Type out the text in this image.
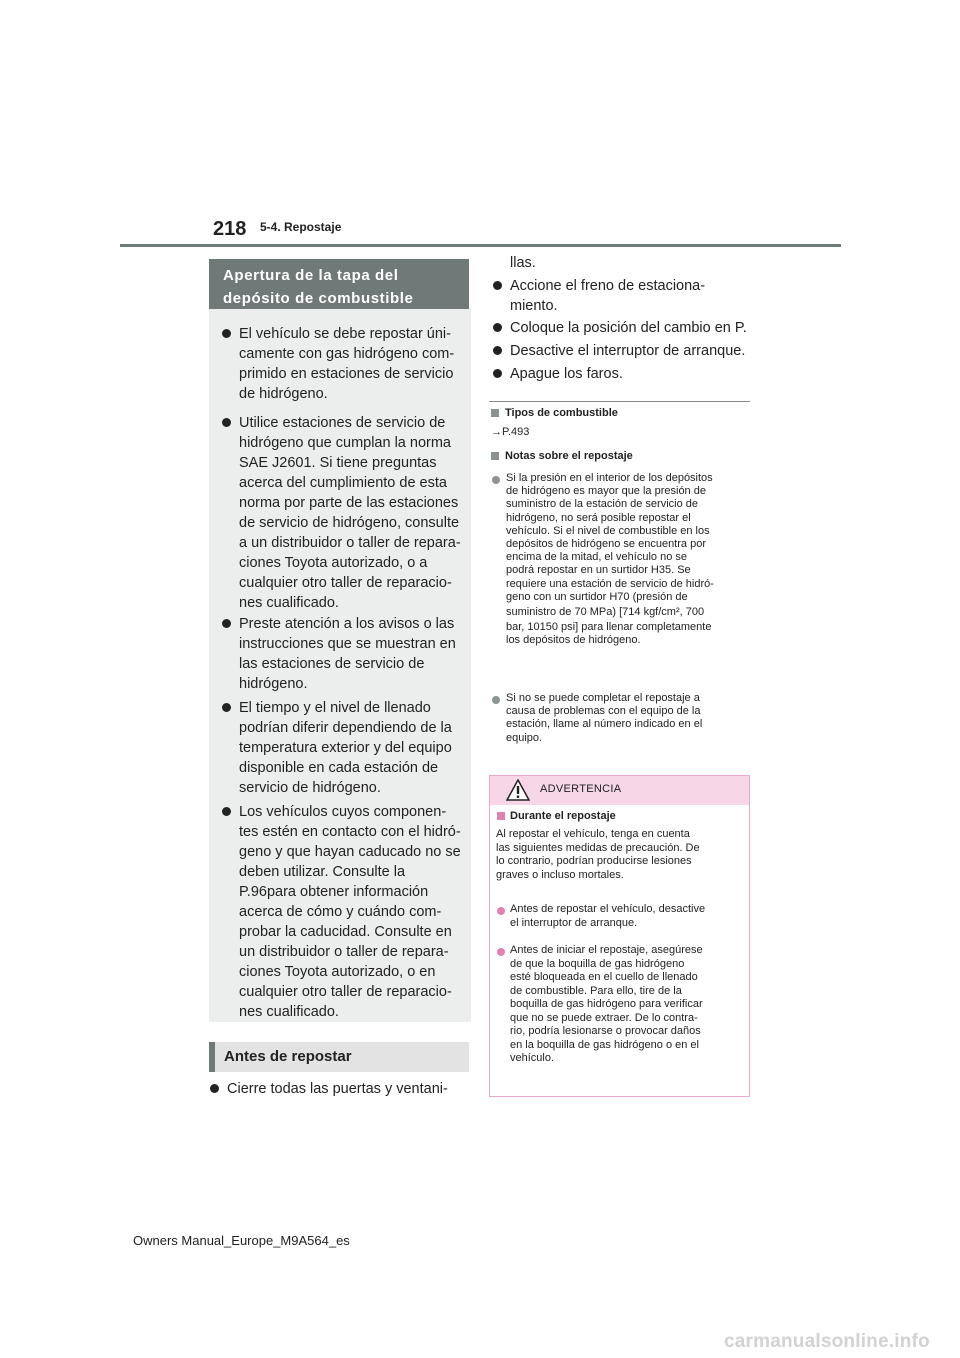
218 5-4. Repostaje
Apertura de la tapa del
depósito de combustible
El vehículo se debe repostar úni-
camente con gas hidrógeno com-
primido en estaciones de servicio
de hidrógeno.
Utilice estaciones de servicio de
hidrógeno que cumplan la norma
SAE J2601. Si tiene preguntas
acerca del cumplimiento de esta
norma por parte de las estaciones
de servicio de hidrógeno, consulte
a un distribuidor o taller de repara-
ciones Toyota autorizado, o a
cualquier otro taller de reparacio-
nes cualificado.
Preste atención a los avisos o las
instrucciones que se muestran en
las estaciones de servicio de
hidrógeno.
El tiempo y el nivel de llenado
podrían diferir dependiendo de la
temperatura exterior y del equipo
disponible en cada estación de
servicio de hidrógeno.
Los vehículos cuyos componen-
tes estén en contacto con el hidró-
geno y que hayan caducado no se
deben utilizar. Consulte la
P.96para obtener información
acerca de cómo y cuándo com-
probar la caducidad. Consulte en
un distribuidor o taller de repara-
ciones Toyota autorizado, o en
cualquier otro taller de reparacio-
nes cualificado.
Antes de repostar
Cierre todas las puertas y ventani-
llas.
Accione el freno de estaciona-
miento.
Coloque la posición del cambio en P.
Desactive el interruptor de arranque.
Apague los faros.
Tipos de combustible
→P.493
Notas sobre el repostaje
Si la presión en el interior de los depósitos
de hidrógeno es mayor que la presión de
suministro de la estación de servicio de
hidrógeno, no será posible repostar el
vehículo. Si el nivel de combustible en los
depósitos de hidrógeno se encuentra por
encima de la mitad, el vehículo no se
podrá repostar en un surtidor H35. Se
requiere una estación de servicio de hidró-
geno con un surtidor H70 (presión de
suministro de 70 MPa) [714 kgf/cm², 700
bar, 10150 psi] para llenar completamente
los depósitos de hidrógeno.
Si no se puede completar el repostaje a
causa de problemas con el equipo de la
estación, llame al número indicado en el
equipo.
ADVERTENCIA
Durante el repostaje
Al repostar el vehículo, tenga en cuenta
las siguientes medidas de precaución. De
lo contrario, podrían producirse lesiones
graves o incluso mortales.
Antes de repostar el vehículo, desactive
el interruptor de arranque.
Antes de iniciar el repostaje, asegúrese
de que la boquilla de gas hidrógeno
esté bloqueada en el cuello de llenado
de combustible. Para ello, tire de la
boquilla de gas hidrógeno para verificar
que no se puede extraer. De lo contra-
rio, podría lesionarse o provocar daños
en la boquilla de gas hidrógeno o en el
vehículo.
Owners Manual_Europe_M9A564_es
carmanualsonline.info
